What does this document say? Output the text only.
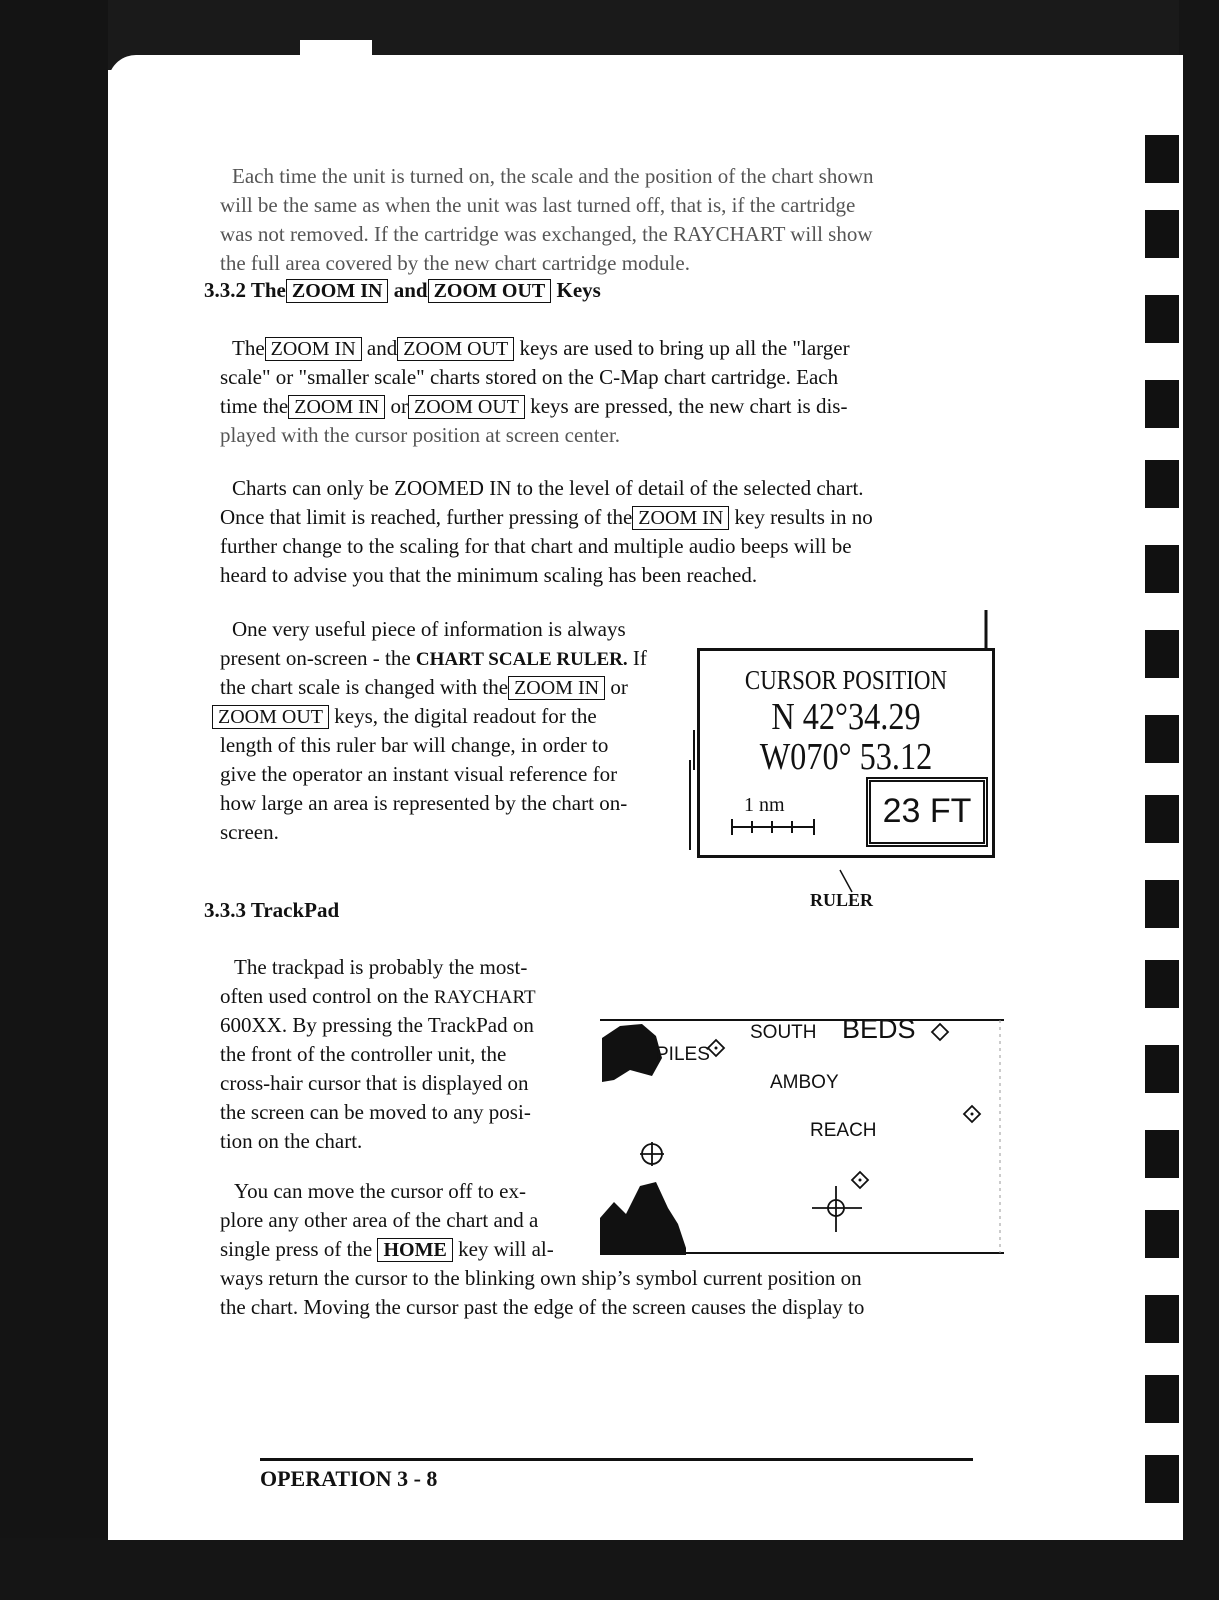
Each time the unit is turned on, the scale and the position of the chart shown
will be the same as when the unit was last turned off, that is, if the cartridge
was not removed. If the cartridge was exchanged, the RAYCHART will show
the full area covered by the new chart cartridge module.
3.3.2 The ZOOM IN and ZOOM OUT Keys
The ZOOM IN and ZOOM OUT keys are used to bring up all the "larger
scale" or "smaller scale" charts stored on the C-Map chart cartridge. Each
time the ZOOM IN or ZOOM OUT keys are pressed, the new chart is dis-
played with the cursor position at screen center.
Charts can only be ZOOMED IN to the level of detail of the selected chart.
Once that limit is reached, further pressing of the ZOOM IN key results in no
further change to the scaling for that chart and multiple audio beeps will be
heard to advise you that the minimum scaling has been reached.
One very useful piece of information is always
present on-screen - the CHART SCALE RULER. If
the chart scale is changed with the ZOOM IN or
ZOOM OUT keys, the digital readout for the
length of this ruler bar will change, in order to
give the operator an instant visual reference for
how large an area is represented by the chart on-
screen.
CURSOR POSITION
N 42°34.29
W070° 53.12
1 nm	23 FT
RULER
3.3.3 TrackPad
The trackpad is probably the most-
often used control on the RAYCHART
600XX. By pressing the TrackPad on
the front of the controller unit, the
cross-hair cursor that is displayed on
the screen can be moved to any posi-
tion on the chart.
PILES
SOUTH BEDS
AMBOY
REACH
You can move the cursor off to ex-
plore any other area of the chart and a
single press of the HOME key will al-
ways return the cursor to the blinking own ship’s symbol current position on
the chart. Moving the cursor past the edge of the screen causes the display to
OPERATION 3 - 8
